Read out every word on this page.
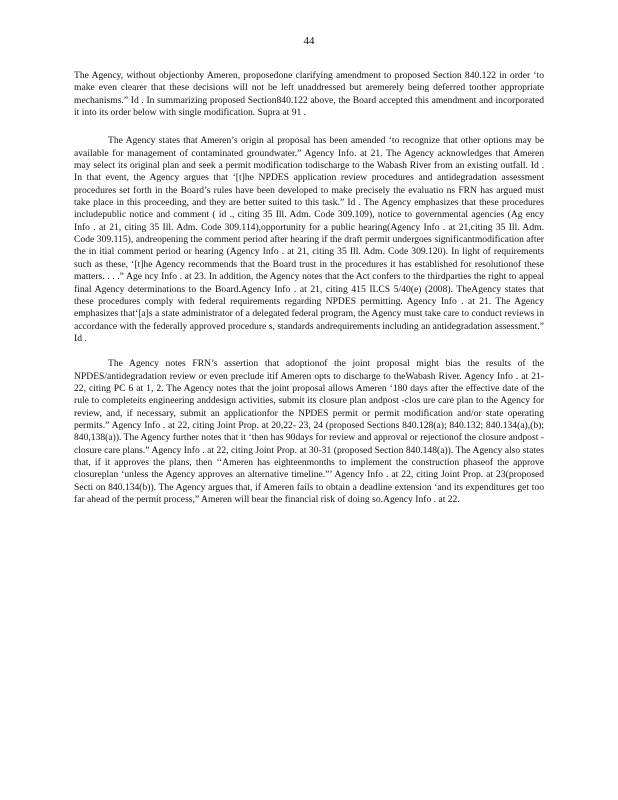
44

The Agency, without objectionby Ameren, proposedone clarifying amendment to proposed Section 840.122 in order ‘to make even clearer that these decisions will not be left unaddressed but aremerely being deferred toother appropriate mechanisms.” Id . In summarizing proposed Section840.122 above, the Board accepted this amendment and incorporated it into its order below with single modification. Supra at 91 .

The Agency states that Ameren’s origin al proposal has been amended ‘to recognize that other options may be available for management of contaminated groundwater.” Agency Info. at 21. The Agency acknowledges that Ameren may select its original plan and seek a permit modification todischarge to the Wabash River from an existing outfall. Id . In that event, the Agency argues that ‘[t]he NPDES application review procedures and antidegradation assessment procedures set forth in the Board’s rules have been developed to make precisely the evaluatio ns FRN has argued must take place in this proceeding, and they are better suited to this task.” Id . The Agency emphasizes that these procedures includepublic notice and comment ( id ., citing 35 Ill. Adm. Code 309.109), notice to governmental agencies (Ag ency Info . at 21, citing 35 Ill. Adm. Code 309.114),opportunity for a public hearing(Agency Info . at 21,citing 35 Ill. Adm. Code 309.115), andreopening the comment period after hearing if the draft permit undergoes significantmodification after the in itial comment period or hearing (Agency Info . at 21, citing 35 Ill. Adm. Code 309.120). In light of requirements such as these, ‘[t]he Agency recommends that the Board trust in the procedures it has established for resolutionof these matters. . . .” Age ncy Info . at 23. In addition, the Agency notes that the Act confers to the thirdparties the right to appeal final Agency determinations to the Board.Agency Info . at 21, citing 415 ILCS 5/40(e) (2008). TheAgency states that these procedures comply with federal requirements regarding NPDES permitting. Agency Info . at 21. The Agency emphasizes that‘[a]s a state administrator of a delegated federal program, the Agency must take care to conduct reviews in accordance with the federally approved procedure s, standards andrequirements including an antidegradation assessment.” Id .

The Agency notes FRN’s assertion that adoptionof the joint proposal might bias the results of the NPDES/antidegradation review or even preclude itif Ameren opts to discharge to theWabash River. Agency Info . at 21- 22, citing PC 6 at 1, 2. The Agency notes that the joint proposal allows Ameren ‘180 days after the effective date of the rule to completeits engineering anddesign activities, submit its closure plan andpost -clos ure care plan to the Agency for review, and, if necessary, submit an applicationfor the NPDES permit or permit modification and/or state operating permits.” Agency Info . at 22, citing Joint Prop. at 20,22- 23, 24 (proposed Sections 840.128(a); 840.132; 840.134(a),(b); 840,138(a)). The Agency further notes that it ‘then has 90days for review and approval or rejectionof the closure andpost -closure care plans.” Agency Info . at 22, citing Joint Prop. at 30-31 (proposed Section 840.148(a)). The Agency also states that, if it approves the plans, then ‘‘Ameren has eighteenmonths to implement the construction phaseof the approve closureplan ‘unless the Agency approves an alternative timeline.”’ Agency Info . at 22, citing Joint Prop. at 23(proposed Secti on 840.134(b)). The Agency argues that, if Ameren fails to obtain a deadline extension ‘and its expenditures get too far ahead of the permit process,” Ameren will bear the financial risk of doing so.Agency Info . at 22.
